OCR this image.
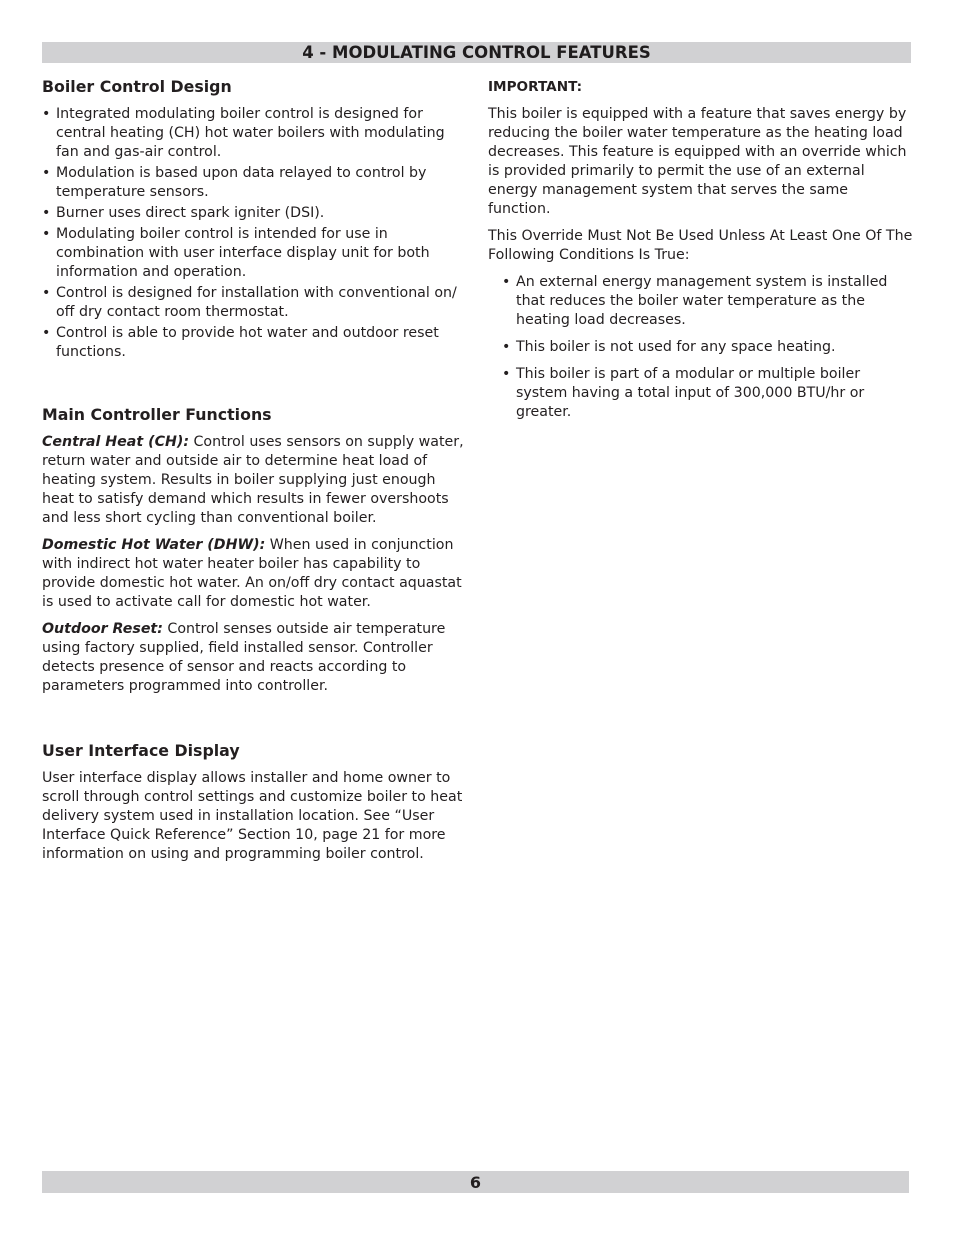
4 - MODULATING CONTROL FEATURES
Boiler Control Design
• Integrated modulating boiler control is designed for central heating (CH) hot water boilers with modulating fan and gas-air control.
• Modulation is based upon data relayed to control by temperature sensors.
• Burner uses direct spark igniter (DSI).
• Modulating boiler control is intended for use in combination with user interface display unit for both information and operation.
• Control is designed for installation with conventional on/ off dry contact room thermostat.
• Control is able to provide hot water and outdoor reset functions.
Main Controller Functions

Central Heat (CH): Control uses sensors on supply water, return water and outside air to determine heat load of heating system. Results in boiler supplying just enough heat to satisfy demand which results in fewer overshoots and less short cycling than conventional boiler.

Domestic Hot Water (DHW): When used in conjunction with indirect hot water heater boiler has capability to provide domestic hot water. An on/off dry contact aquastat is used to activate call for domestic hot water.

Outdoor Reset: Control senses outside air temperature using factory supplied, field installed sensor. Controller detects presence of sensor and reacts according to parameters programmed into controller.

User Interface Display

User interface display allows installer and home owner to scroll through control settings and customize boiler to heat delivery system used in installation location. See “User Interface Quick Reference” Section 10, page 21 for more information on using and programming boiler control.

IMPORTANT:

This boiler is equipped with a feature that saves energy by reducing the boiler water temperature as the heating load decreases. This feature is equipped with an override which is provided primarily to permit the use of an external energy management system that serves the same function.

This Override Must Not Be Used Unless At Least One Of The Following Conditions Is True:

• An external energy management system is installed that reduces the boiler water temperature as the heating load decreases.
• This boiler is not used for any space heating.
• This boiler is part of a modular or multiple boiler system having a total input of 300,000 BTU/hr or greater.
6
